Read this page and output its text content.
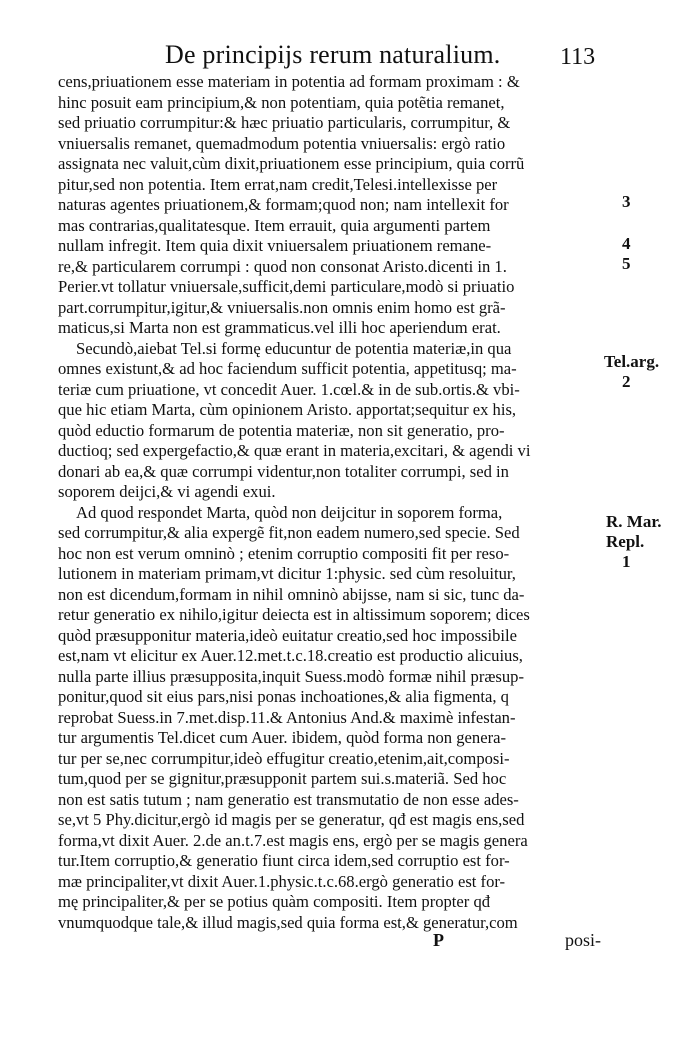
De principijs rerum naturalium. 113
cens,priuationem esse materiam in potentia ad formam proximam : &
hinc posuit eam principium,& non potentiam, quia potẽtia remanet,
sed priuatio corrumpitur:& hæc priuatio particularis, corrumpitur, &
vniuersalis remanet, quemadmodum potentia vniuersalis: ergò ratio
assignata nec valuit,cùm dixit,priuationem esse principium, quia corrũ
pitur,sed non potentia. Item errat,nam credit,Telesi.intellexisse per
naturas agentes priuationem,& formam;quod non; nam intellexit for
mas contrarias,qualitatesque. Item errauit, quia argumenti partem
nullam infregit. Item quia dixit vniuersalem priuationem remane-
re,& particularem corrumpi : quod non consonat Aristo.dicenti in 1.
Perier.vt tollatur vniuersale,sufficit,demi particulare,modò si priuatio
part.corrumpitur,igitur,& vniuersalis.non omnis enim homo est grã-
maticus,si Marta non est grammaticus.vel illi hoc aperiendum erat.
Secundò,aiebat Tel.si formę educuntur de potentia materiæ,in qua
omnes existunt,& ad hoc faciendum sufficit potentia, appetitusq; ma-
teriæ cum priuatione, vt concedit Auer. 1.cœl.& in de sub.ortis.& vbi-
que hic etiam Marta, cùm opinionem Aristo. apportat;sequitur ex his,
quòd eductio formarum de potentia materiæ, non sit generatio, pro-
ductioq; sed expergefactio,& quæ erant in materia,excitari, & agendi vi
donari ab ea,& quæ corrumpi videntur,non totaliter corrumpi, sed in
soporem deijci,& vi agendi exui.
Ad quod respondet Marta, quòd non deijcitur in soporem forma,
sed corrumpitur,& alia expergẽ fit,non eadem numero,sed specie. Sed
hoc non est verum omninò ; etenim corruptio compositi fit per reso-
lutionem in materiam primam,vt dicitur 1:physic. sed cùm resoluitur,
non est dicendum,formam in nihil omninò abijsse, nam si sic, tunc da-
retur generatio ex nihilo,igitur deiecta est in altissimum soporem; dices
quòd præsupponitur materia,ideò euitatur creatio,sed hoc impossibile
est,nam vt elicitur ex Auer.12.met.t.c.18.creatio est productio alicuius,
nulla parte illius præsupposita,inquit Suess.modò formæ nihil præsup-
ponitur,quod sit eius pars,nisi ponas inchoationes,& alia figmenta, q
reprobat Suess.in 7.met.disp.11.& Antonius And.& maximè infestan-
tur argumentis Tel.dicet cum Auer. ibidem, quòd forma non genera-
tur per se,nec corrumpitur,ideò effugitur creatio,etenim,ait,composi-
tum,quod per se gignitur,præsupponit partem sui.s.materiã. Sed hoc
non est satis tutum ; nam generatio est transmutatio de non esse ades-
se,vt 5 Phy.dicitur,ergò id magis per se generatur, qđ est magis ens,sed
forma,vt dixit Auer. 2.de an.t.7.est magis ens, ergò per se magis genera
tur.Item corruptio,& generatio fiunt circa idem,sed corruptio est for-
mæ principaliter,vt dixit Auer.1.physic.t.c.68.ergò generatio est for-
mę principaliter,& per se potius quàm compositi. Item propter qđ
vnumquodque tale,& illud magis,sed quia forma est,& generatur,com
3
4
5
Tel.arg.
2
R. Mar.
Repl.
1
P	posi-
